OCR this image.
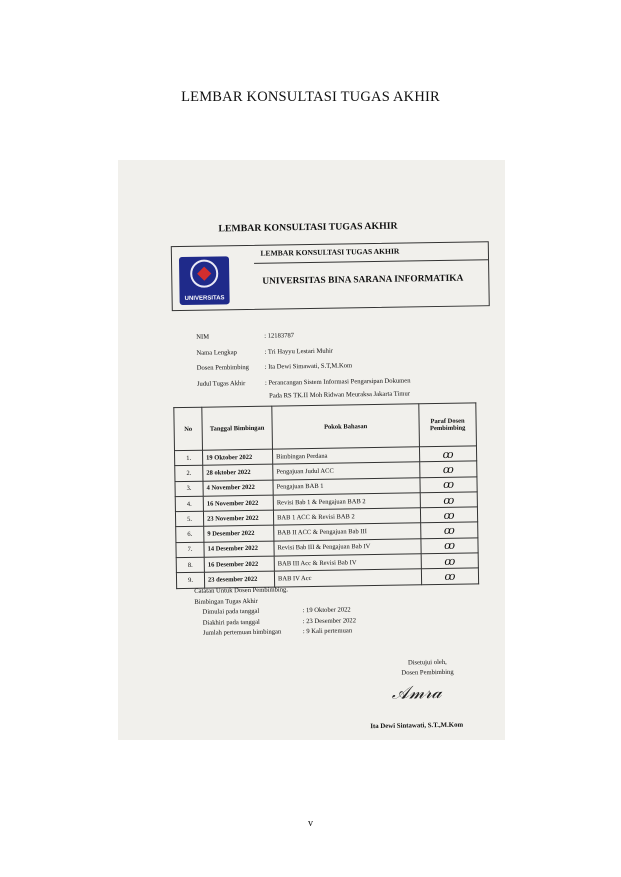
LEMBAR KONSULTASI TUGAS AKHIR
LEMBAR KONSULTASI TUGAS AKHIR
UNIVERSITAS
LEMBAR KONSULTASI TUGAS AKHIR
UNIVERSITAS BINA SARANA INFORMATIKA
NIM	: 12183787
Nama Lengkap	: Tri Hayyu Lestari Muhir
Dosen Pembimbing : Ita Dewi Simawati, S.T,M.Kom
Judul Tugas Akhir	: Perancangan Sistem Informasi Pengarsipan Dokumen
Pada RS TK.II Moh Ridwan Meuraksa Jakarta Timur
No	Tanggal Bimbingan	Pokok Bahasan	Paraf Dosen Pembimbing
1.	19 Oktober 2022	Bimbingan Perdana	ꝏ
2.	28 oktober 2022	Pengajuan Judul ACC	ꝏ
3.	4 November 2022	Pengajuan BAB 1	ꝏ
4.	16 November 2022	Revisi Bab 1 & Pengajuan BAB 2	ꝏ
5.	23 November 2022	BAB 1 ACC & Revisi BAB 2	ꝏ
6.	9 Desember 2022	BAB II ACC & Pengajuan Bab III	ꝏ
7.	14 Desember 2022	Revisi Bab III & Pengajuan Bab IV	ꝏ
8.	16 Desember 2022	BAB III Acc & Revisi Bab IV	ꝏ
9.	23 desember 2022	BAB IV Acc	ꝏ
Catatan Untuk Dosen Pembimbing.
Bimbingan Tugas Akhir
Dimulai pada tanggal	: 19 Oktober 2022
Diakhiri pada tanggal	: 23 Desember 2022
Jumlah pertemuan bimbingan	: 9 Kali pertemuan
Disetujui oleh,
Dosen Pembimbing
𝒜𝓂𝓇𝒶
Ita Dewi Sintawati, S.T.,M.Kom
v
